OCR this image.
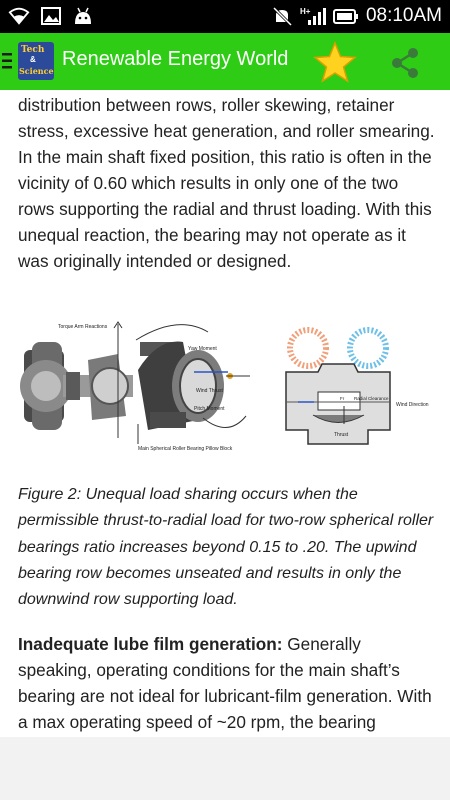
H+	08:10AM
Tech
&
Science
Renewable Energy World
distribution between rows, roller skewing, retainer stress, excessive heat generation, and roller smearing. In the main shaft fixed position, this ratio is often in the vicinity of 0.60 which results in only one of the two rows supporting the radial and thrust loading. With this unequal reaction, the bearing may not operate as it was originally intended or designed.
Torque Arm Reactions
Yaw Moment
Wind Thrust
Pitch Moment
Main Spherical Roller Bearing Pillow Block
Fr Radial Clearance
Wind Direction
Thrust
Figure 2: Unequal load sharing occurs when the permissible thrust-to-radial load for two-row spherical roller bearings ratio increases beyond 0.15 to .20. The upwind bearing row becomes unseated and results in only the downwind row supporting load.
Inadequate lube film generation: Generally speaking, operating conditions for the main shaft’s bearing are not ideal for lubricant-film generation. With a max operating speed of ~20 rpm, the bearing
